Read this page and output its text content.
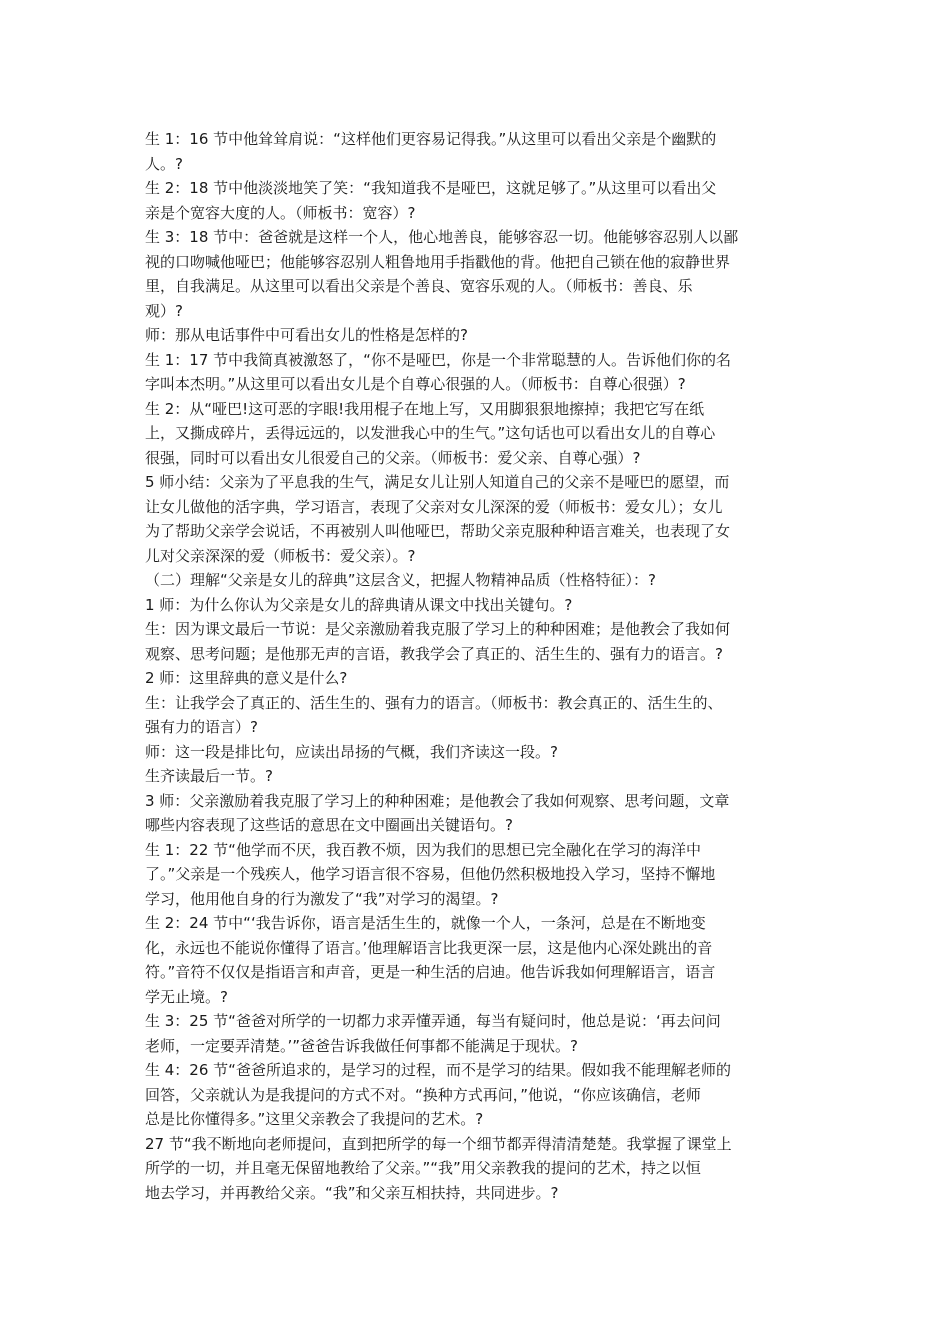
生 1：16 节中他耸耸肩说：“这样他们更容易记得我。”从这里可以看出父亲是个幽默的
人。?
生 2：18 节中他淡淡地笑了笑：“我知道我不是哑巴，这就足够了。”从这里可以看出父
亲是个宽容大度的人。（师板书：宽容）?
生 3：18 节中：爸爸就是这样一个人，他心地善良，能够容忍一切。他能够容忍别人以鄙
视的口吻喊他哑巴；他能够容忍别人粗鲁地用手指戳他的背。他把自己锁在他的寂静世界
里，自我满足。从这里可以看出父亲是个善良、宽容乐观的人。（师板书：善良、乐
观）?
师：那从电话事件中可看出女儿的性格是怎样的?
生 1：17 节中我简真被激怒了，“你不是哑巴，你是一个非常聪慧的人。告诉他们你的名
字叫本杰明。”从这里可以看出女儿是个自尊心很强的人。（师板书：自尊心很强）?
生 2：从“哑巴!这可恶的字眼!我用棍子在地上写，又用脚狠狠地擦掉；我把它写在纸
上，又撕成碎片，丢得远远的，以发泄我心中的生气。”这句话也可以看出女儿的自尊心
很强，同时可以看出女儿很爱自己的父亲。（师板书：爱父亲、自尊心强）?
5 师小结：父亲为了平息我的生气，满足女儿让别人知道自己的父亲不是哑巴的愿望，而
让女儿做他的活字典，学习语言，表现了父亲对女儿深深的爱（师板书：爱女儿）；女儿
为了帮助父亲学会说话，不再被别人叫他哑巴，帮助父亲克服种种语言难关，也表现了女
儿对父亲深深的爱（师板书：爱父亲）。?
（二）理解“父亲是女儿的辞典”这层含义，把握人物精神品质（性格特征）：?
1 师：为什么你认为父亲是女儿的辞典请从课文中找出关键句。?
生：因为课文最后一节说：是父亲激励着我克服了学习上的种种困难；是他教会了我如何
观察、思考问题；是他那无声的言语，教我学会了真正的、活生生的、强有力的语言。?
2 师：这里辞典的意义是什么?
生：让我学会了真正的、活生生的、强有力的语言。（师板书：教会真正的、活生生的、
强有力的语言）?
师：这一段是排比句，应读出昂扬的气概，我们齐读这一段。?
生齐读最后一节。?
3 师：父亲激励着我克服了学习上的种种困难；是他教会了我如何观察、思考问题，文章
哪些内容表现了这些话的意思在文中圈画出关键语句。?
生 1：22 节“他学而不厌，我百教不烦，因为我们的思想已完全融化在学习的海洋中
了。”父亲是一个残疾人，他学习语言很不容易，但他仍然积极地投入学习，坚持不懈地
学习，他用他自身的行为激发了“我”对学习的渴望。?
生 2：24 节中“‘我告诉你，语言是活生生的，就像一个人，一条河，总是在不断地变
化，永远也不能说你懂得了语言。’他理解语言比我更深一层，这是他内心深处跳出的音
符。”音符不仅仅是指语言和声音，更是一种生活的启迪。他告诉我如何理解语言，语言
学无止境。?
生 3：25 节“爸爸对所学的一切都力求弄懂弄通，每当有疑问时，他总是说：‘再去问问
老师，一定要弄清楚。’”爸爸告诉我做任何事都不能满足于现状。?
生 4：26 节“爸爸所追求的，是学习的过程，而不是学习的结果。假如我不能理解老师的
回答，父亲就认为是我提问的方式不对。“换种方式再问，”他说，“你应该确信，老师
总是比你懂得多。”这里父亲教会了我提问的艺术。?
27 节“我不断地向老师提问，直到把所学的每一个细节都弄得清清楚楚。我掌握了课堂上
所学的一切，并且毫无保留地教给了父亲。”“我”用父亲教我的提问的艺术，持之以恒
地去学习，并再教给父亲。“我”和父亲互相扶持，共同进步。?
